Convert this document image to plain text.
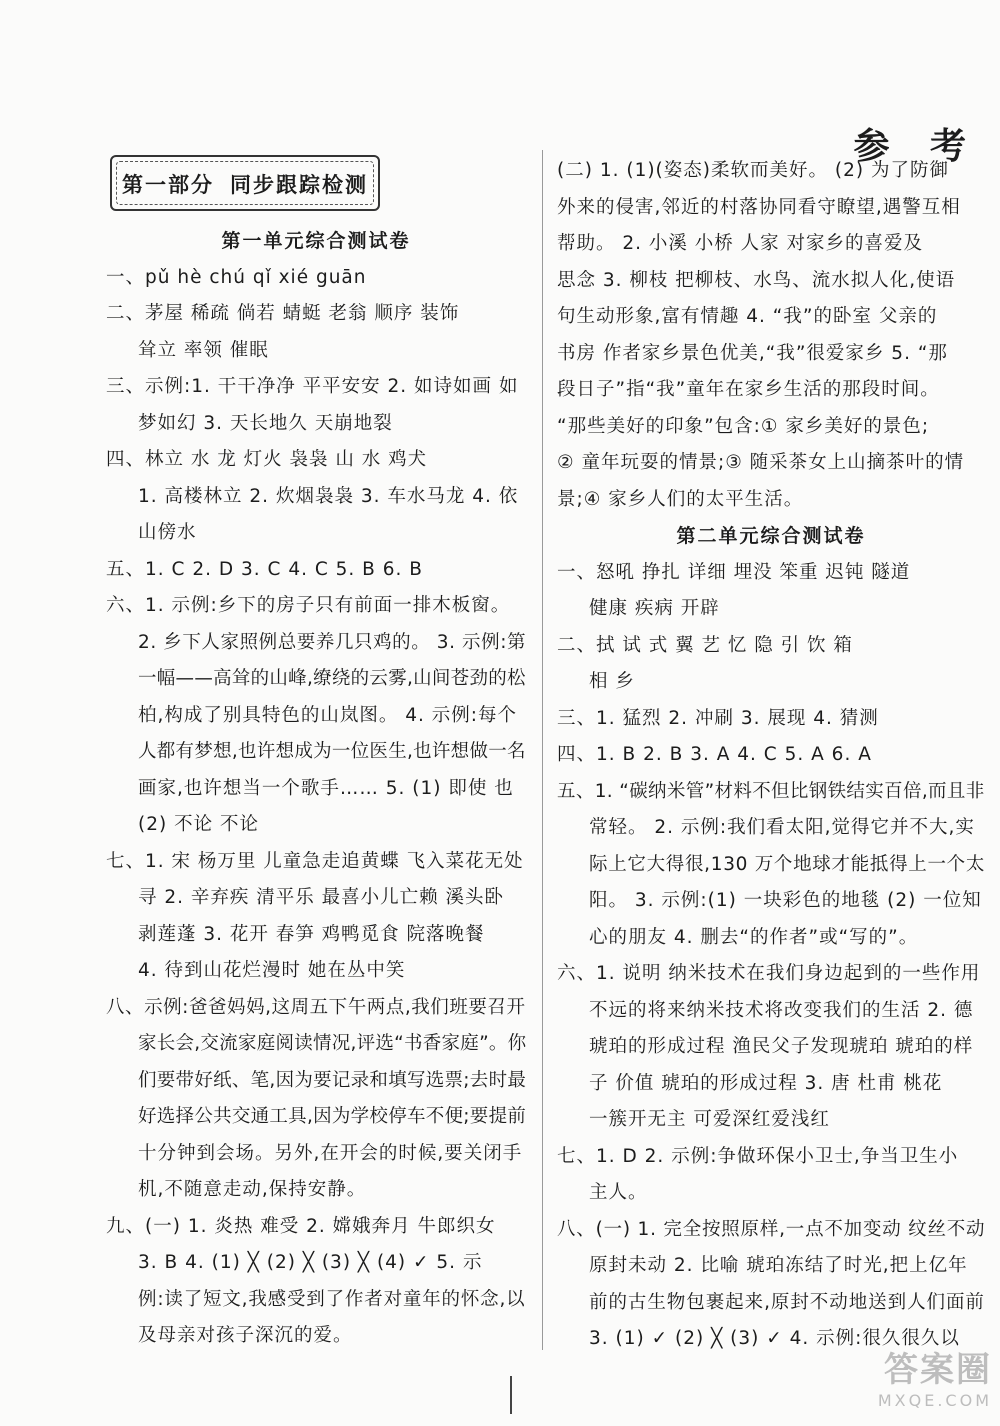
参 考
第一部分 同步跟踪检测
第一单元综合测试卷
一、pǔ hè chú qǐ xié guān
二、茅屋 稀疏 倘若 蜻蜓 老翁 顺序 装饰
耸立 率领 催眠
三、示例:1. 干干净净 平平安安 2. 如诗如画 如
梦如幻 3. 天长地久 天崩地裂
四、林立 水 龙 灯火 袅袅 山 水 鸡犬
1. 高楼林立 2. 炊烟袅袅 3. 车水马龙 4. 依
山傍水
五、1. C 2. D 3. C 4. C 5. B 6. B
六、1. 示例:乡下的房子只有前面一排木板窗。
2. 乡下人家照例总要养几只鸡的。 3. 示例:第
一幅——高耸的山峰,缭绕的云雾,山间苍劲的松
柏,构成了别具特色的山岚图。 4. 示例:每个
人都有梦想,也许想成为一位医生,也许想做一名
画家,也许想当一个歌手…… 5. (1) 即使 也
(2) 不论 不论
七、1. 宋 杨万里 儿童急走追黄蝶 飞入菜花无处
寻 2. 辛弃疾 清平乐 最喜小儿亡赖 溪头卧
剥莲蓬 3. 花开 春笋 鸡鸭觅食 院落晚餐
4. 待到山花烂漫时 她在丛中笑
八、示例:爸爸妈妈,这周五下午两点,我们班要召开
家长会,交流家庭阅读情况,评选“书香家庭”。你
们要带好纸、笔,因为要记录和填写选票;去时最
好选择公共交通工具,因为学校停车不便;要提前
十分钟到会场。另外,在开会的时候,要关闭手
机,不随意走动,保持安静。
九、(一) 1. 炎热 难受 2. 嫦娥奔月 牛郎织女
3. B 4. (1) ╳ (2) ╳ (3) ╳ (4) ✓ 5. 示
例:读了短文,我感受到了作者对童年的怀念,以
及母亲对孩子深沉的爱。
(二) 1. (1)(姿态)柔软而美好。 (2) 为了防御
外来的侵害,邻近的村落协同看守瞭望,遇警互相
帮助。 2. 小溪 小桥 人家 对家乡的喜爱及
思念 3. 柳枝 把柳枝、水鸟、流水拟人化,使语
句生动形象,富有情趣 4. “我”的卧室 父亲的
书房 作者家乡景色优美,“我”很爱家乡 5. “那
段日子”指“我”童年在家乡生活的那段时间。
“那些美好的印象”包含:① 家乡美好的景色;
② 童年玩耍的情景;③ 随采茶女上山摘茶叶的情
景;④ 家乡人们的太平生活。
第二单元综合测试卷
一、怒吼 挣扎 详细 埋没 笨重 迟钝 隧道
健康 疾病 开辟
二、拭 试 式 翼 艺 忆 隐 引 饮 箱
相 乡
三、1. 猛烈 2. 冲刷 3. 展现 4. 猜测
四、1. B 2. B 3. A 4. C 5. A 6. A
五、1. “碳纳米管”材料不但比钢铁结实百倍,而且非
常轻。 2. 示例:我们看太阳,觉得它并不大,实
际上它大得很,130 万个地球才能抵得上一个太
阳。 3. 示例:(1) 一块彩色的地毯 (2) 一位知
心的朋友 4. 删去“的作者”或“写的”。
六、1. 说明 纳米技术在我们身边起到的一些作用
不远的将来纳米技术将改变我们的生活 2. 德
琥珀的形成过程 渔民父子发现琥珀 琥珀的样
子 价值 琥珀的形成过程 3. 唐 杜甫 桃花
一簇开无主 可爱深红爱浅红
七、1. D 2. 示例:争做环保小卫士,争当卫生小
主人。
八、(一) 1. 完全按照原样,一点不加变动 纹丝不动
原封未动 2. 比喻 琥珀冻结了时光,把上亿年
前的古生物包裹起来,原封不动地送到人们面前
3. (1) ✓ (2) ╳ (3) ✓ 4. 示例:很久很久以
答案圈
MXQE.COM
